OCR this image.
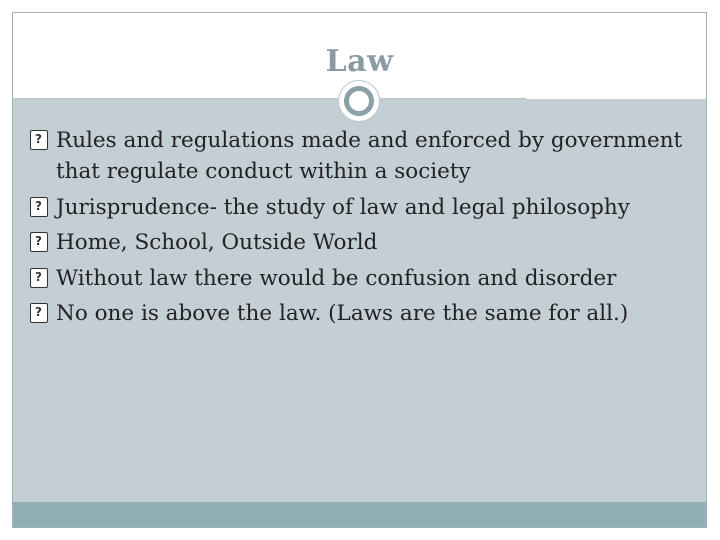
Law
?
Rules and regulations made and enforced by government that regulate conduct within a society
?
Jurisprudence- the study of law and legal philosophy
?
Home, School, Outside World
?
Without law there would be confusion and disorder
?
No one is above the law. (Laws are the same for all.)
